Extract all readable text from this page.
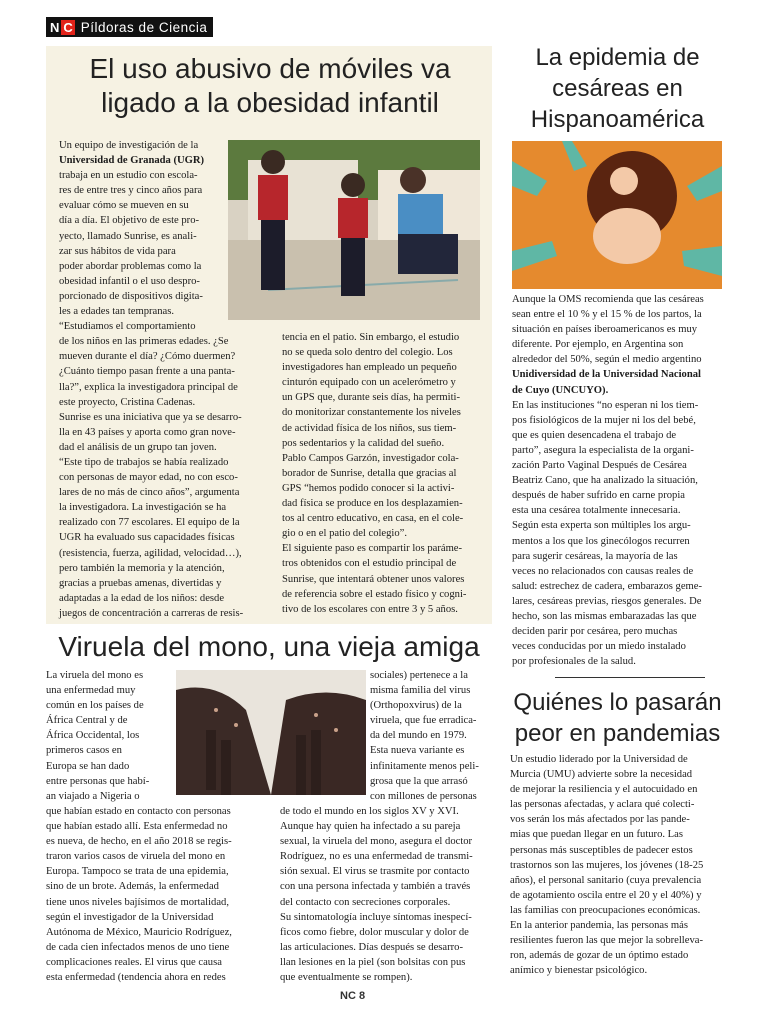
N C Píldoras de Ciencia
El uso abusivo de móviles va ligado a la obesidad infantil
Un equipo de investigación de la
Universidad de Granada (UGR)
trabaja en un estudio con escola-
res de entre tres y cinco años para
evaluar cómo se mueven en su
día a día. El objetivo de este pro-
yecto, llamado Sunrise, es anali-
zar sus hábitos de vida para
poder abordar problemas como la
obesidad infantil o el uso despro-
porcionado de dispositivos digita-
les a edades tan tempranas.
“Estudiamos el comportamiento
de los niños en las primeras edades. ¿Se
mueven durante el día? ¿Cómo duermen?
¿Cuánto tiempo pasan frente a una panta-
lla?”, explica la investigadora principal de
este proyecto, Cristina Cadenas.
Sunrise es una iniciativa que ya se desarro-
lla en 43 países y aporta como gran nove-
dad el análisis de un grupo tan joven.
“Este tipo de trabajos se había realizado
con personas de mayor edad, no con esco-
lares de no más de cinco años”, argumenta
la investigadora. La investigación se ha
realizado con 77 escolares. El equipo de la
UGR ha evaluado sus capacidades físicas
(resistencia, fuerza, agilidad, velocidad…),
pero también la memoria y la atención,
gracias a pruebas amenas, divertidas y
adaptadas a la edad de los niños: desde
juegos de concentración a carreras de resis-
tencia en el patio. Sin embargo, el estudio
no se queda solo dentro del colegio. Los
investigadores han empleado un pequeño
cinturón equipado con un acelerómetro y
un GPS que, durante seis días, ha permiti-
do monitorizar constantemente los niveles
de actividad física de los niños, sus tiem-
pos sedentarios y la calidad del sueño.
Pablo Campos Garzón, investigador cola-
borador de Sunrise, detalla que gracias al
GPS “hemos podido conocer si la activi-
dad física se produce en los desplazamien-
tos al centro educativo, en casa, en el cole-
gio o en el patio del colegio”.
El siguiente paso es compartir los paráme-
tros obtenidos con el estudio principal de
Sunrise, que intentará obtener unos valores
de referencia sobre el estado físico y cogni-
tivo de los escolares con entre 3 y 5 años.
La epidemia de cesáreas en Hispanoamérica
Aunque la OMS recomienda que las cesáreas
sean entre el 10 % y el 15 % de los partos, la
situación en países iberoamericanos es muy
diferente. Por ejemplo, en Argentina son
alrededor del 50%, según el medio argentino
Unidiversidad de la Universidad Nacional
de Cuyo (UNCUYO).
En las instituciones “no esperan ni los tiem-
pos fisiológicos de la mujer ni los del bebé,
que es quien desencadena el trabajo de
parto”, asegura la especialista de la organi-
zación Parto Vaginal Después de Cesárea
Beatriz Cano, que ha analizado la situación,
después de haber sufrido en carne propia
esta una cesárea totalmente innecesaria.
Según esta experta son múltiples los argu-
mentos a los que los ginecólogos recurren
para sugerir cesáreas, la mayoría de las
veces no relacionados con causas reales de
salud: estrechez de cadera, embarazos geme-
lares, cesáreas previas, riesgos generales. De
hecho, son las mismas embarazadas las que
deciden parir por cesárea, pero muchas
veces conducidas por un miedo instalado
por profesionales de la salud.
Viruela del mono, una vieja amiga
La viruela del mono es
una enfermedad muy
común en los países de
África Central y de
África Occidental, los
primeros casos en
Europa se han dado
entre personas que habí-
an viajado a Nigeria o
sociales) pertenece a la
misma familia del virus
(Orthopoxvirus) de la
viruela, que fue erradica-
da del mundo en 1979.
Esta nueva variante es
infinitamente menos peli-
grosa que la que arrasó
con millones de personas
que habían estado en contacto con personas
que habían estado allí. Esta enfermedad no
es nueva, de hecho, en el año 2018 se regis-
traron varios casos de viruela del mono en
Europa. Tampoco se trata de una epidemia,
sino de un brote. Además, la enfermedad
tiene unos niveles bajísimos de mortalidad,
según el investigador de la Universidad
Autónoma de México, Mauricio Rodríguez,
de cada cien infectados menos de uno tiene
complicaciones reales. El virus que causa
esta enfermedad (tendencia ahora en redes
de todo el mundo en los siglos XV y XVI.
Aunque hay quien ha infectado a su pareja
sexual, la viruela del mono, asegura el doctor
Rodríguez, no es una enfermedad de transmi-
sión sexual. El virus se trasmite por contacto
con una persona infectada y también a través
del contacto con secreciones corporales.
Su sintomatología incluye síntomas inespecí-
ficos como fiebre, dolor muscular y dolor de
las articulaciones. Días después se desarro-
llan lesiones en la piel (son bolsitas con pus
que eventualmente se rompen).
Quiénes lo pasarán peor en pandemias
Un estudio liderado por la Universidad de
Murcia (UMU) advierte sobre la necesidad
de mejorar la resiliencia y el autocuidado en
las personas afectadas, y aclara qué colecti-
vos serán los más afectados por las pande-
mias que puedan llegar en un futuro. Las
personas más susceptibles de padecer estos
trastornos son las mujeres, los jóvenes (18-25
años), el personal sanitario (cuya prevalencia
de agotamiento oscila entre el 20 y el 40%) y
las familias con preocupaciones económicas.
En la anterior pandemia, las personas más
resilientes fueron las que mejor la sobrelleva-
ron, además de gozar de un óptimo estado
anímico y bienestar psicológico.
NC 8
